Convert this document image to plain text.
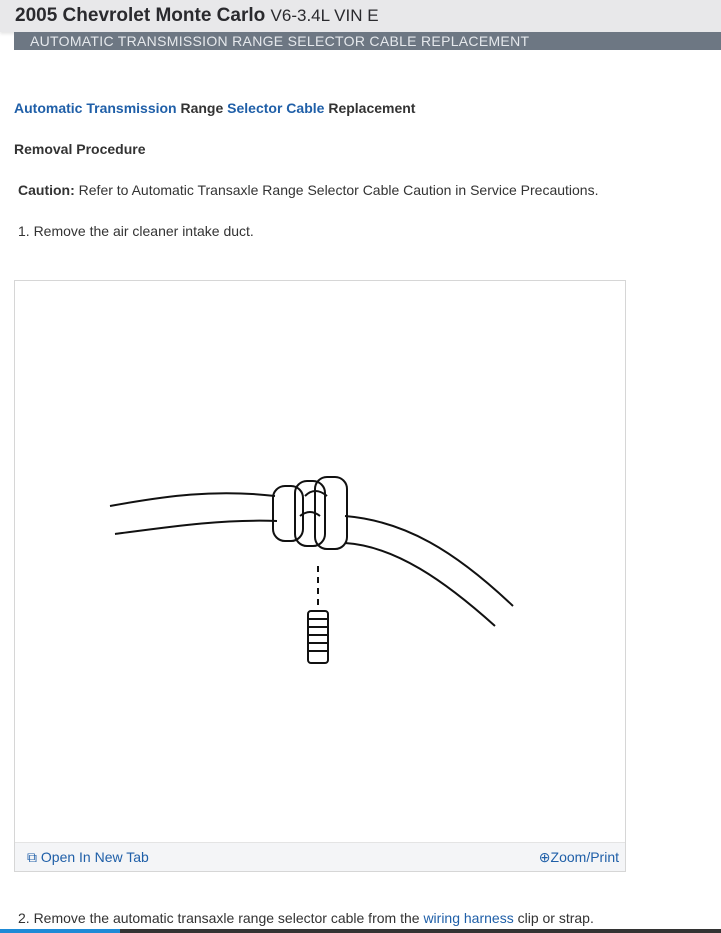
2005 Chevrolet Monte Carlo V6-3.4L VIN E
AUTOMATIC TRANSMISSION RANGE SELECTOR CABLE REPLACEMENT
Automatic Transmission Range Selector Cable Replacement
Removal Procedure
Caution: Refer to Automatic Transaxle Range Selector Cable Caution in Service Precautions.
1. Remove the air cleaner intake duct.
⧉ Open In New Tab	⊕Zoom/Print
2. Remove the automatic transaxle range selector cable from the wiring harness clip or strap.
